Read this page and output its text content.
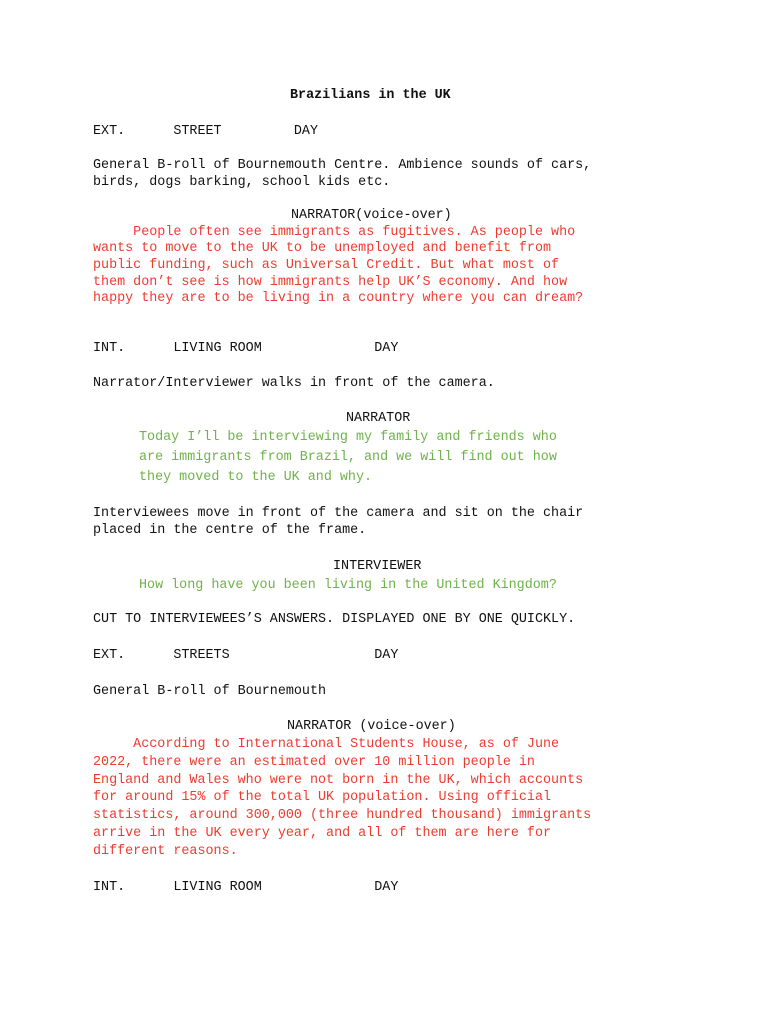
Brazilians in the UK
EXT.      STREET         DAY
General B-roll of Bournemouth Centre. Ambience sounds of cars,
birds, dogs barking, school kids etc.
NARRATOR(voice-over)
People often see immigrants as fugitives. As people who
wants to move to the UK to be unemployed and benefit from
public funding, such as Universal Credit. But what most of
them don’t see is how immigrants help UK’S economy. And how
happy they are to be living in a country where you can dream?
INT.      LIVING ROOM              DAY
Narrator/Interviewer walks in front of the camera.
NARRATOR
Today I’ll be interviewing my family and friends who
are immigrants from Brazil, and we will find out how
they moved to the UK and why.
Interviewees move in front of the camera and sit on the chair
placed in the centre of the frame.
INTERVIEWER
How long have you been living in the United Kingdom?
CUT TO INTERVIEWEES’S ANSWERS. DISPLAYED ONE BY ONE QUICKLY.
EXT.      STREETS                  DAY
General B-roll of Bournemouth
NARRATOR (voice-over)
According to International Students House, as of June
2022, there were an estimated over 10 million people in
England and Wales who were not born in the UK, which accounts
for around 15% of the total UK population. Using official
statistics, around 300,000 (three hundred thousand) immigrants
arrive in the UK every year, and all of them are here for
different reasons.
INT.      LIVING ROOM              DAY
